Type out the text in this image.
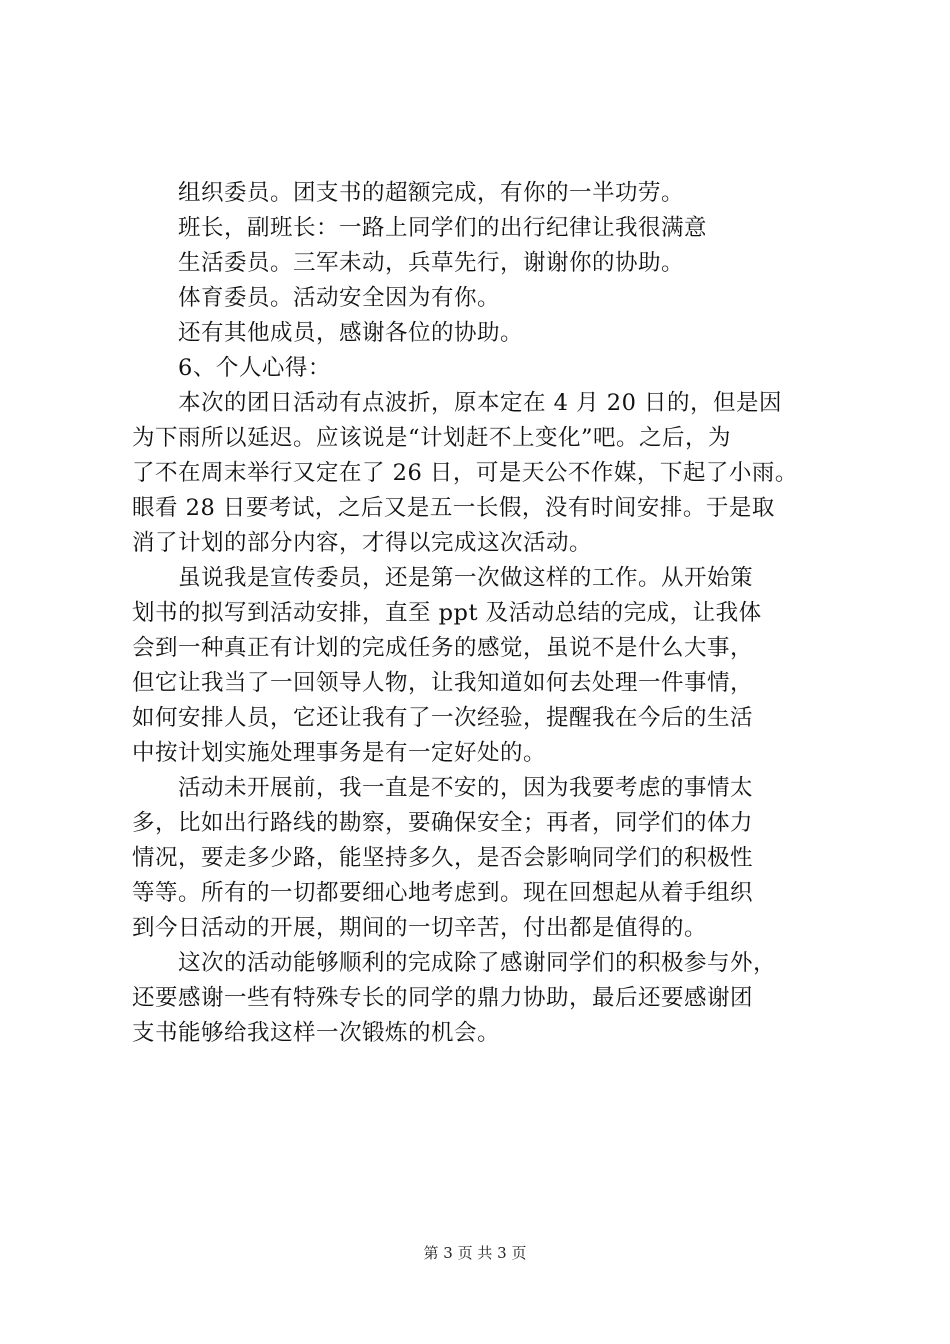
组织委员。团支书的超额完成，有你的一半功劳。
班长，副班长：一路上同学们的出行纪律让我很满意
生活委员。三军未动，兵草先行，谢谢你的协助。
体育委员。活动安全因为有你。
还有其他成员，感谢各位的协助。
6、个人心得：
本次的团日活动有点波折，原本定在 4 月 20 日的，但是因
为下雨所以延迟。应该说是“计划赶不上变化”吧。之后，为
了不在周末举行又定在了 26 日，可是天公不作媒，下起了小雨。
眼看 28 日要考试，之后又是五一长假，没有时间安排。于是取
消了计划的部分内容，才得以完成这次活动。
虽说我是宣传委员，还是第一次做这样的工作。从开始策
划书的拟写到活动安排，直至 ppt 及活动总结的完成，让我体
会到一种真正有计划的完成任务的感觉，虽说不是什么大事，
但它让我当了一回领导人物，让我知道如何去处理一件事情，
如何安排人员，它还让我有了一次经验，提醒我在今后的生活
中按计划实施处理事务是有一定好处的。
活动未开展前，我一直是不安的，因为我要考虑的事情太
多，比如出行路线的勘察，要确保安全；再者，同学们的体力
情况，要走多少路，能坚持多久，是否会影响同学们的积极性
等等。所有的一切都要细心地考虑到。现在回想起从着手组织
到今日活动的开展，期间的一切辛苦，付出都是值得的。
这次的活动能够顺利的完成除了感谢同学们的积极参与外，
还要感谢一些有特殊专长的同学的鼎力协助，最后还要感谢团
支书能够给我这样一次锻炼的机会。
第 3 页 共 3 页
